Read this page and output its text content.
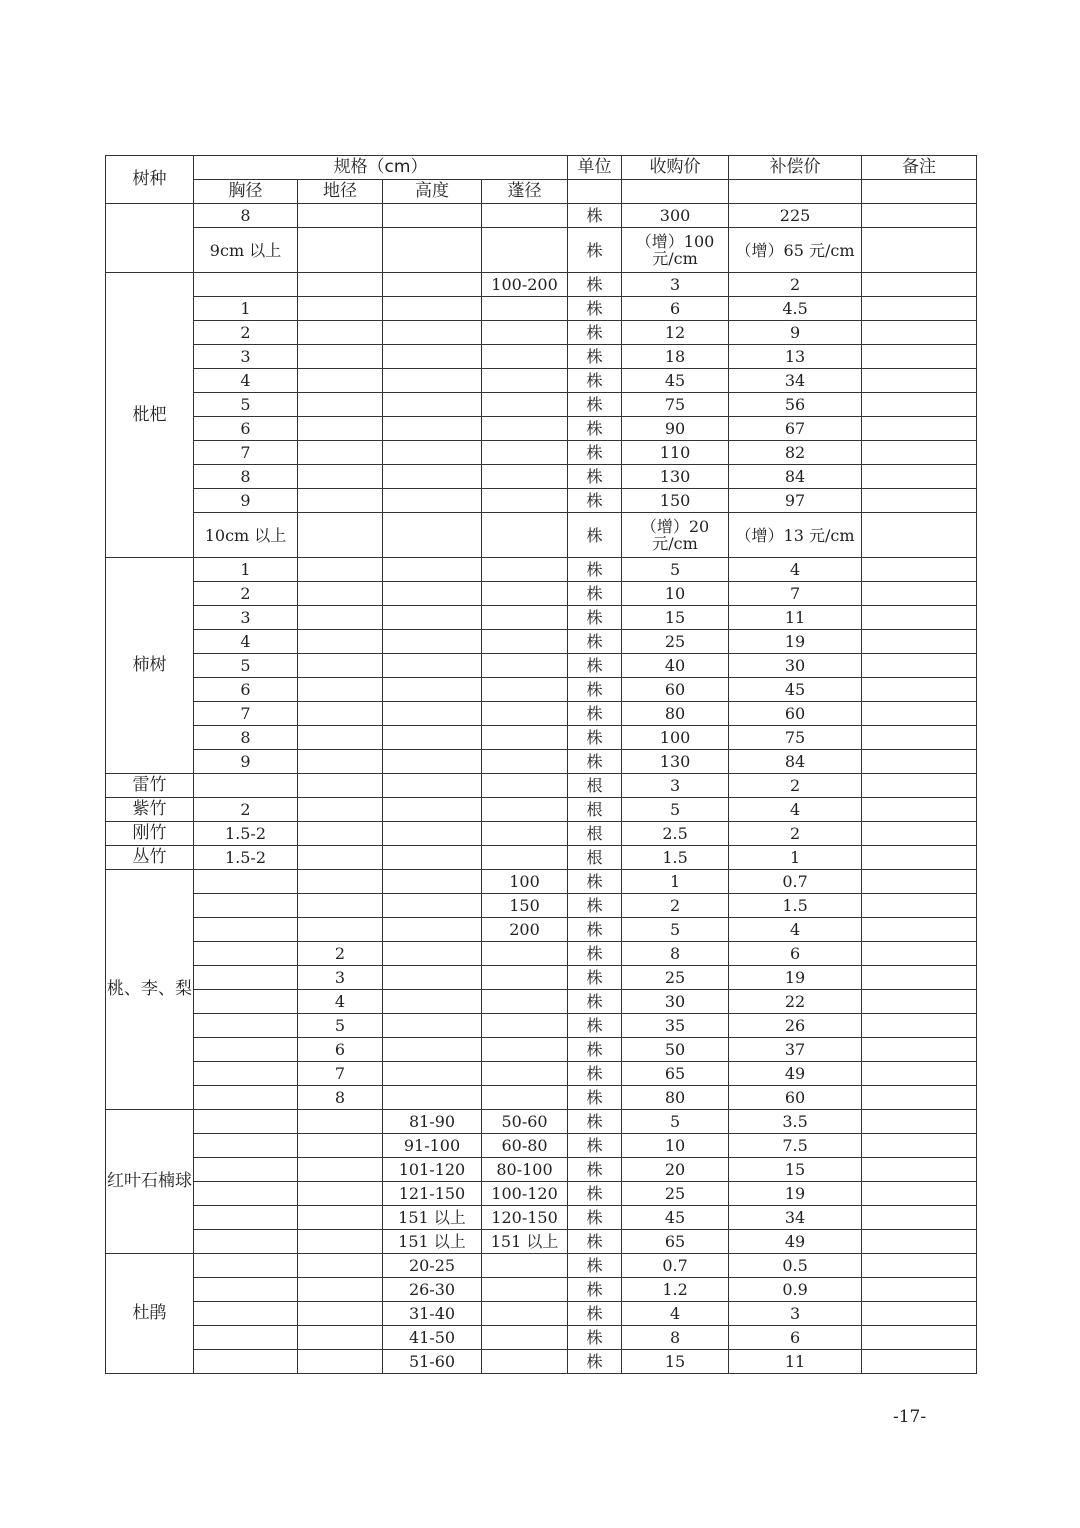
树种	规格（cm）				单位	收购价	补偿价	备注
	胸径	地径	高度	蓬径				
	8				株	300	225	
	9cm 以上				株	（增）100 元/cm	（增）65 元/cm	
枇杷				100-200	株	3	2	
	1				株	6	4.5	
	2				株	12	9	
	3				株	18	13	
	4				株	45	34	
	5				株	75	56	
	6				株	90	67	
	7				株	110	82	
	8				株	130	84	
	9				株	150	97	
	10cm 以上				株	（增）20 元/cm	（增）13 元/cm	
柿树	1				株	5	4	
	2				株	10	7	
	3				株	15	11	
	4				株	25	19	
	5				株	40	30	
	6				株	60	45	
	7				株	80	60	
	8				株	100	75	
	9				株	130	84	
雷竹					根	3	2	
紫竹	2				根	5	4	
刚竹	1.5-2				根	2.5	2	
丛竹	1.5-2				根	1.5	1	
桃、李、梨				100	株	1	0.7	
				150	株	2	1.5	
				200	株	5	4	
		2			株	8	6	
		3			株	25	19	
		4			株	30	22	
		5			株	35	26	
		6			株	50	37	
		7			株	65	49	
		8			株	80	60	
红叶石楠球			81-90	50-60	株	5	3.5	
			91-100	60-80	株	10	7.5	
			101-120	80-100	株	20	15	
			121-150	100-120	株	25	19	
			151 以上	120-150	株	45	34	
			151 以上	151 以上	株	65	49	
杜鹃			20-25		株	0.7	0.5	
			26-30		株	1.2	0.9	
			31-40		株	4	3	
			41-50		株	8	6	
			51-60		株	15	11	
-17-
